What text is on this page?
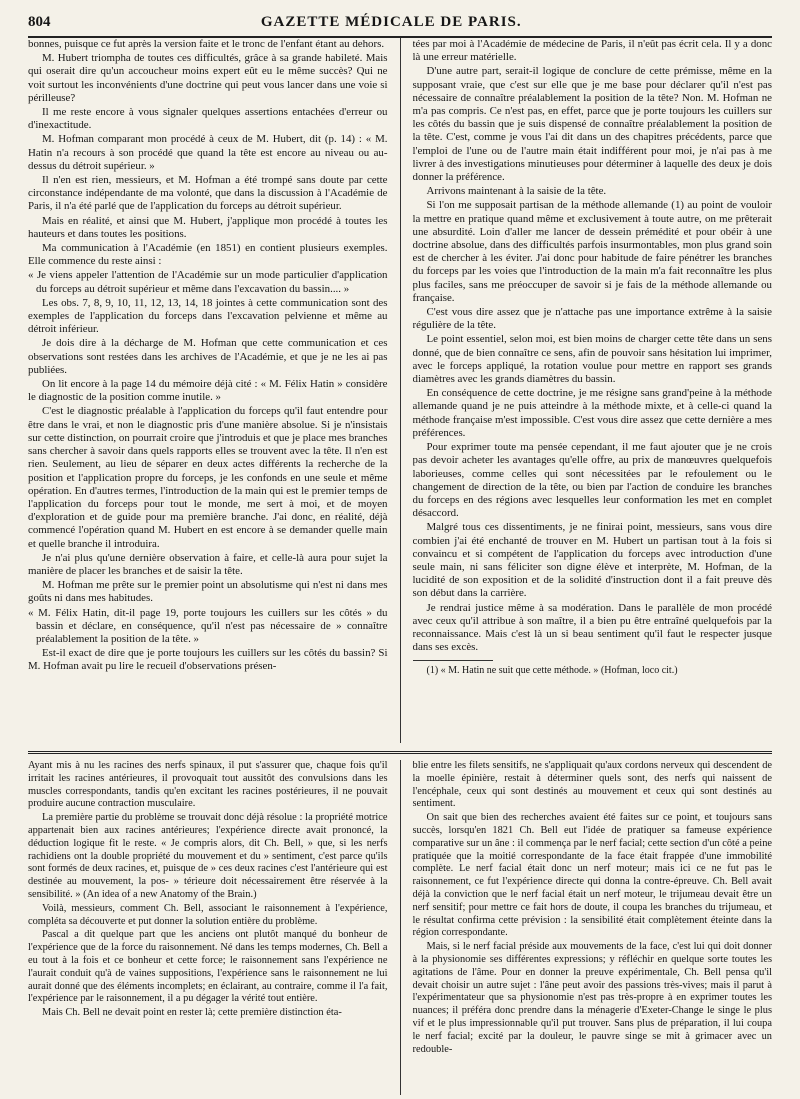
804	GAZETTE MÉDICALE DE PARIS.

bonnes, puisque ce fut après la version faite et le tronc de l'enfant étant au dehors.

M. Hubert triompha de toutes ces difficultés, grâce à sa grande habileté. Mais qui oserait dire qu'un accoucheur moins expert eût eu le même succès? Qui ne voit surtout les inconvénients d'une doctrine qui peut vous lancer dans une voie si périlleuse?

Il me reste encore à vous signaler quelques assertions entachées d'erreur ou d'inexactitude.

M. Hofman comparant mon procédé à ceux de M. Hubert, dit (p. 14) : « M. Hatin n'a recours à son procédé que quand la tête est encore au niveau ou au-dessus du détroit supérieur. »

Il n'en est rien, messieurs, et M. Hofman a été trompé sans doute par cette circonstance indépendante de ma volonté, que dans la discussion à l'Académie de Paris, il n'a été parlé que de l'application du forceps au détroit supérieur.

Mais en réalité, et ainsi que M. Hubert, j'applique mon procédé à toutes les hauteurs et dans toutes les positions.

Ma communication à l'Académie (en 1851) en contient plusieurs exemples. Elle commence du reste ainsi :

« Je viens appeler l'attention de l'Académie sur un mode particulier d'application du forceps au détroit supérieur et même dans l'excavation du bassin.... »

Les obs. 7, 8, 9, 10, 11, 12, 13, 14, 18 jointes à cette communication sont des exemples de l'application du forceps dans l'excavation pelvienne et même au détroit inférieur.

Je dois dire à la décharge de M. Hofman que cette communication et ces observations sont restées dans les archives de l'Académie, et que je ne les ai pas publiées.

On lit encore à la page 14 du mémoire déjà cité : « M. Félix Hatin » considère le diagnostic de la position comme inutile. »

C'est le diagnostic préalable à l'application du forceps qu'il faut entendre pour être dans le vrai, et non le diagnostic pris d'une manière absolue. Si je n'insistais sur cette distinction, on pourrait croire que j'introduis et que je place mes branches sans chercher à savoir dans quels rapports elles se trouvent avec la tête. Il n'en est rien. Seulement, au lieu de séparer en deux actes différents la recherche de la position et l'application propre du forceps, je les confonds en une seule et même opération. En d'autres termes, l'introduction de la main qui est le premier temps de l'application du forceps pour tout le monde, me sert à moi, et de moyen d'exploration et de guide pour ma première branche. J'ai donc, en réalité, déjà commencé l'opération quand M. Hubert en est encore à se demander quelle main et quelle branche il introduira.

Je n'ai plus qu'une dernière observation à faire, et celle-là aura pour sujet la manière de placer les branches et de saisir la tête.

M. Hofman me prête sur le premier point un absolutisme qui n'est ni dans mes goûts ni dans mes habitudes.

« M. Félix Hatin, dit-il page 19, porte toujours les cuillers sur les côtés » du bassin et déclare, en conséquence, qu'il n'est pas nécessaire de » connaître préalablement la position de la tête. »

Est-il exact de dire que je porte toujours les cuillers sur les côtés du bassin? Si M. Hofman avait pu lire le recueil d'observations présen-

tées par moi à l'Académie de médecine de Paris, il n'eût pas écrit cela. Il y a donc là une erreur matérielle.

D'une autre part, serait-il logique de conclure de cette prémisse, même en la supposant vraie, que c'est sur elle que je me base pour déclarer qu'il n'est pas nécessaire de connaître préalablement la position de la tête? Non. M. Hofman ne m'a pas compris. Ce n'est pas, en effet, parce que je porte toujours les cuillers sur les côtés du bassin que je suis dispensé de connaître préalablement la position de la tête. C'est, comme je vous l'ai dit dans un des chapitres précédents, parce que l'emploi de l'une ou de l'autre main était indifférent pour moi, je n'ai pas à me livrer à des investigations minutieuses pour déterminer à laquelle des deux je dois donner la préférence.

Arrivons maintenant à la saisie de la tête.

Si l'on me supposait partisan de la méthode allemande (1) au point de vouloir la mettre en pratique quand même et exclusivement à toute autre, on me prêterait une absurdité. Loin d'aller me lancer de dessein prémédité et pour obéir à une doctrine absolue, dans des difficultés parfois insurmontables, mon plus grand soin est de chercher à les éviter. J'ai donc pour habitude de faire pénétrer les branches du forceps par les voies que l'introduction de la main m'a fait reconnaître les plus plus faciles, sans me préoccuper de savoir si je fais de la méthode allemande ou française.

C'est vous dire assez que je n'attache pas une importance extrême à la saisie régulière de la tête.

Le point essentiel, selon moi, est bien moins de charger cette tête dans un sens donné, que de bien connaître ce sens, afin de pouvoir sans hésitation lui imprimer, avec le forceps appliqué, la rotation voulue pour mettre en rapport ses grands diamètres avec les grands diamètres du bassin.

En conséquence de cette doctrine, je me résigne sans grand'peine à la méthode allemande quand je ne puis atteindre à la méthode mixte, et à celle-ci quand la méthode française m'est impossible. C'est vous dire assez que cette dernière a mes préférences.

Pour exprimer toute ma pensée cependant, il me faut ajouter que je ne crois pas devoir acheter les avantages qu'elle offre, au prix de manœuvres quelquefois laborieuses, comme celles qui sont nécessitées par le refoulement ou le changement de direction de la tête, ou bien par l'action de conduire les branches du forceps en des régions avec lesquelles leur conformation les met en complet désaccord.

Malgré tous ces dissentiments, je ne finirai point, messieurs, sans vous dire combien j'ai été enchanté de trouver en M. Hubert un partisan tout à la fois si convaincu et si compétent de l'application du forceps avec introduction d'une seule main, ni sans féliciter son digne élève et interprète, M. Hofman, de la lucidité de son exposition et de la solidité d'instruction dont il a fait preuve dès son début dans la carrière.

Je rendrai justice même à sa modération. Dans le parallèle de mon procédé avec ceux qu'il attribue à son maître, il a bien pu être entraîné quelquefois par la reconnaissance. Mais c'est là un si beau sentiment qu'il faut le respecter jusque dans ses excès.

(1) « M. Hatin ne suit que cette méthode. » (Hofman, loco cit.)

Ayant mis à nu les racines des nerfs spinaux, il put s'assurer que, chaque fois qu'il irritait les racines antérieures, il provoquait tout aussitôt des convulsions dans les muscles correspondants, tandis qu'en excitant les racines postérieures, il ne pouvait produire aucune contraction musculaire.

La première partie du problème se trouvait donc déjà résolue : la propriété motrice appartenait bien aux racines antérieures; l'expérience directe avait prononcé, la déduction logique fit le reste. « Je compris alors, dit Ch. Bell, » que, si les nerfs rachidiens ont la double propriété du mouvement et du » sentiment, c'est parce qu'ils sont formés de deux racines, et, puisque de » ces deux racines c'est l'antérieure qui est destinée au mouvement, la pos- » térieure doit nécessairement être réservée à la sensibilité. » (An idea of a new Anatomy of the Brain.)

Voilà, messieurs, comment Ch. Bell, associant le raisonnement à l'expérience, compléta sa découverte et put donner la solution entière du problème.

Pascal a dit quelque part que les anciens ont plutôt manqué du bonheur de l'expérience que de la force du raisonnement. Né dans les temps modernes, Ch. Bell a eu tout à la fois et ce bonheur et cette force; le raisonnement sans l'expérience ne l'aurait conduit qu'à de vaines suppositions, l'expérience sans le raisonnement ne lui aurait donné que des éléments incomplets; en éclairant, au contraire, comme il l'a fait, l'expérience par le raisonnement, il a pu dégager la vérité tout entière.

Mais Ch. Bell ne devait point en rester là; cette première distinction éta-

blie entre les filets sensitifs, ne s'appliquait qu'aux cordons nerveux qui descendent de la moelle épinière, restait à déterminer quels sont, des nerfs qui naissent de l'encéphale, ceux qui sont destinés au mouvement et ceux qui sont destinés au sentiment.

On sait que bien des recherches avaient été faites sur ce point, et toujours sans succès, lorsqu'en 1821 Ch. Bell eut l'idée de pratiquer sa fameuse expérience comparative sur un âne : il commença par le nerf facial; cette section d'un côté a peine pratiquée que la moitié correspondante de la face était frappée d'une immobilité complète. Le nerf facial était donc un nerf moteur; mais ici ce ne fut pas le raisonnement, ce fut l'expérience directe qui donna la contre-épreuve. Ch. Bell avait déjà la conviction que le nerf facial était un nerf moteur, le trijumeau devait être un nerf sensitif; pour mettre ce fait hors de doute, il coupa les branches du trijumeau, et le résultat confirma cette prévision : la sensibilité était complètement éteinte dans la région correspondante.

Mais, si le nerf facial préside aux mouvements de la face, c'est lui qui doit donner à la physionomie ses différentes expressions; y réfléchir en quelque sorte toutes les agitations de l'âme. Pour en donner la preuve expérimentale, Ch. Bell pensa qu'il devait choisir un autre sujet : l'âne peut avoir des passions très-vives; mais il parut à l'expérimentateur que sa physionomie n'est pas très-propre à en exprimer toutes les nuances; il préféra donc prendre dans la ménagerie d'Exeter-Change le singe le plus vif et le plus impressionnable qu'il put trouver. Sans plus de préparation, il lui coupa le nerf facial; excité par la douleur, le pauvre singe se mit à grimacer avec un redouble-
